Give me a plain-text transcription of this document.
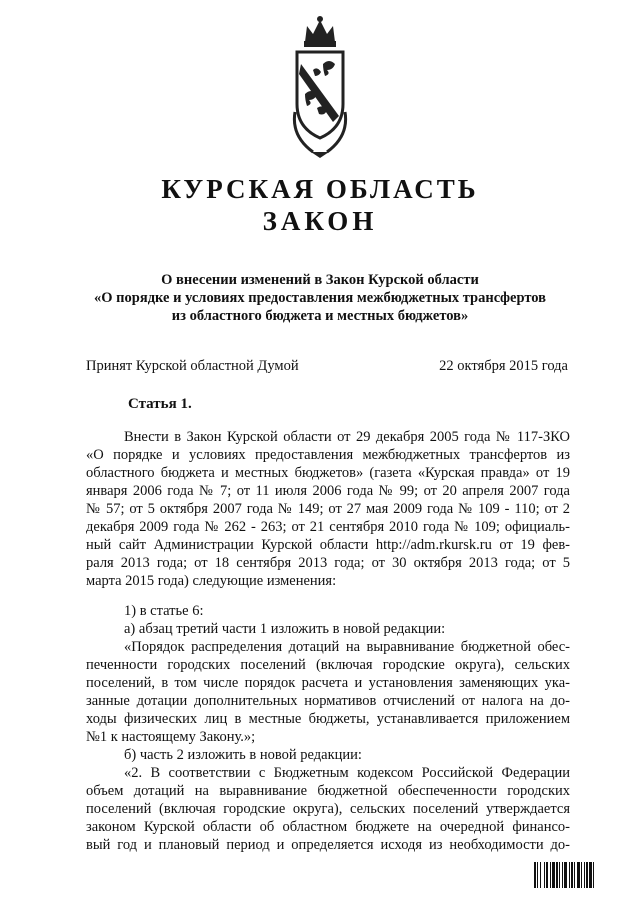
КУРСКАЯ ОБЛАСТЬ
ЗАКОН
О внесении изменений в Закон Курской области
«О порядке и условиях предоставления межбюджетных трансфертов
из областного бюджета и местных бюджетов»
Принят Курской областной Думой	22 октября 2015 года
Статья 1.
Внести в Закон Курской области от 29 декабря 2005 года № 117-ЗКО
«О порядке и условиях предоставления межбюджетных трансфертов из
областного бюджета и местных бюджетов» (газета «Курская правда» от 19
января 2006 года № 7; от 11 июля 2006 года № 99; от 20 апреля 2007 года
№ 57; от 5 октября 2007 года № 149; от 27 мая 2009 года № 109 - 110; от 2
декабря 2009 года № 262 - 263; от 21 сентября 2010 года № 109; официаль-
ный сайт Администрации Курской области http://adm.rkursk.ru от 19 фев-
раля 2013 года; от 18 сентября 2013 года; от 30 октября 2013 года; от 5
марта 2015 года) следующие изменения:
1) в статье 6:
а) абзац третий части 1 изложить в новой редакции:
«Порядок распределения дотаций на выравнивание бюджетной обес-
печенности городских поселений (включая городские округа), сельских
поселений, в том числе порядок расчета и установления заменяющих ука-
занные дотации дополнительных нормативов отчислений от налога на до-
ходы физических лиц в местные бюджеты, устанавливается приложением
№1 к настоящему Закону.»;
б) часть 2 изложить в новой редакции:
«2. В соответствии с Бюджетным кодексом Российской Федерации
объем дотаций на выравнивание бюджетной обеспеченности городских
поселений (включая городские округа), сельских поселений утверждается
законом Курской области об областном бюджете на очередной финансо-
вый год и плановый период и определяется исходя из необходимости до-
